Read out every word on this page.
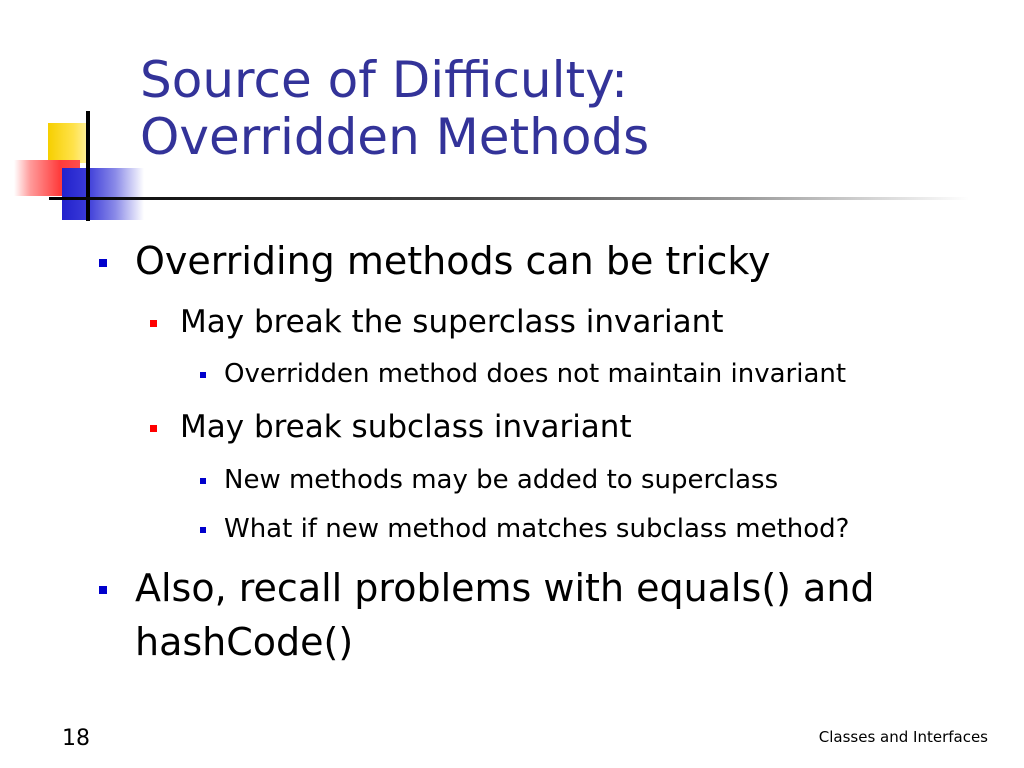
Source of Difficulty:
Overridden Methods
Overriding methods can be tricky
May break the superclass invariant
Overridden method does not maintain invariant
May break subclass invariant
New methods may be added to superclass
What if new method matches subclass method?
Also, recall problems with equals() and
hashCode()
18	Classes and Interfaces
